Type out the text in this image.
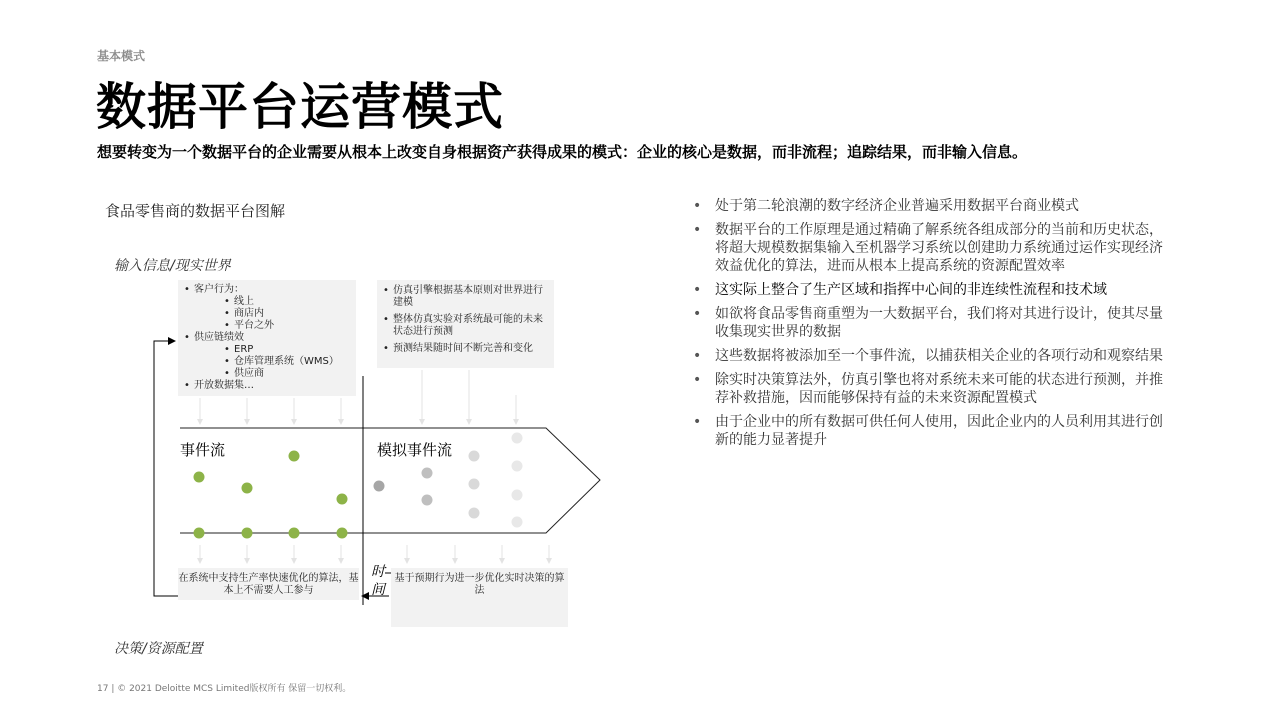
基本模式
数据平台运营模式
想要转变为一个数据平台的企业需要从根本上改变自身根据资产获得成果的模式：企业的核心是数据，而非流程；追踪结果，而非输入信息。
食品零售商的数据平台图解
输入信息/现实世界
决策/资源配置
• 客户行为：
• 线上
• 商店内
• 平台之外
• 供应链绩效
• ERP
• 仓库管理系统（WMS）
• 供应商
• 开放数据集…
• 仿真引擎根据基本原则对世界进行建模
• 整体仿真实验对系统最可能的未来状态进行预测
• 预测结果随时间不断完善和变化
事件流	模拟事件流
时间
在系统中支持生产率快速优化的算法，基本上不需要人工参与
基于预期行为进一步优化实时决策的算法
• 处于第二轮浪潮的数字经济企业普遍采用数据平台商业模式
• 数据平台的工作原理是通过精确了解系统各组成部分的当前和历史状态，将超大规模数据集输入至机器学习系统以创建助力系统通过运作实现经济效益优化的算法，进而从根本上提高系统的资源配置效率
• 这实际上整合了生产区域和指挥中心间的非连续性流程和技术域
• 如欲将食品零售商重塑为一大数据平台，我们将对其进行设计，使其尽量收集现实世界的数据
• 这些数据将被添加至一个事件流，以捕获相关企业的各项行动和观察结果
• 除实时决策算法外，仿真引擎也将对系统未来可能的状态进行预测，并推荐补救措施，因而能够保持有益的未来资源配置模式
• 由于企业中的所有数据可供任何人使用，因此企业内的人员利用其进行创新的能力显著提升
17 | © 2021 Deloitte MCS Limited版权所有 保留一切权利。
